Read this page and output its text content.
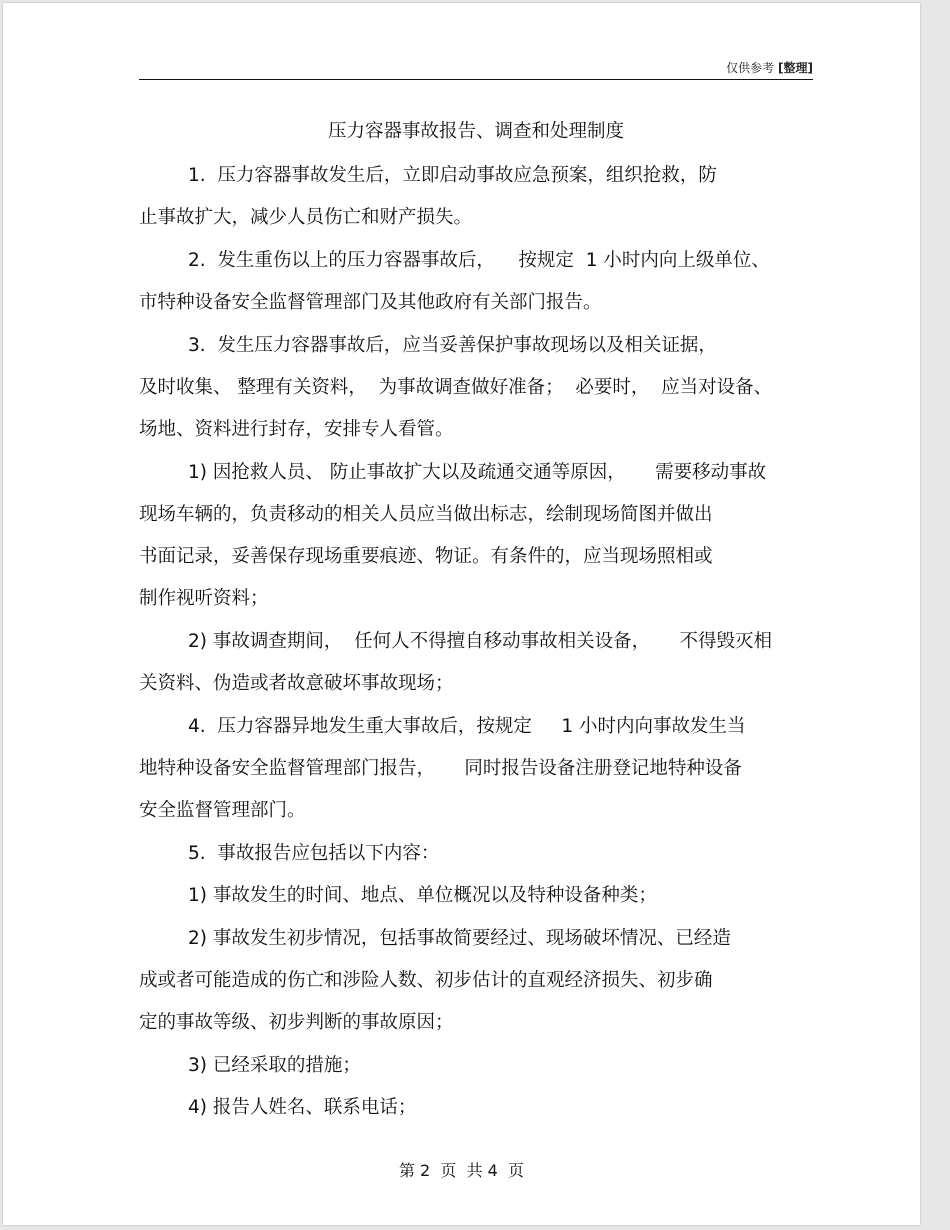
仅供参考 [整理]
压力容器事故报告、调查和处理制度
1.  压力容器事故发生后，立即启动事故应急预案，组织抢救，防
止事故扩大，减少人员伤亡和财产损失。
2.  发生重伤以上的压力容器事故后，    按规定  1 小时内向上级单位、
市特种设备安全监督管理部门及其他政府有关部门报告。
3.  发生压力容器事故后，应当妥善保护事故现场以及相关证据，
及时收集、 整理有关资料，  为事故调查做好准备；  必要时，  应当对设备、
场地、资料进行封存，安排专人看管。
1) 因抢救人员、 防止事故扩大以及疏通交通等原因，     需要移动事故
现场车辆的，负责移动的相关人员应当做出标志，绘制现场简图并做出
书面记录，妥善保存现场重要痕迹、物证。有条件的，应当现场照相或
制作视听资料；
2) 事故调查期间，  任何人不得擅自移动事故相关设备，     不得毁灭相
关资料、伪造或者故意破坏事故现场；
4.  压力容器异地发生重大事故后，按规定     1 小时内向事故发生当
地特种设备安全监督管理部门报告，     同时报告设备注册登记地特种设备
安全监督管理部门。
5.  事故报告应包括以下内容：
1) 事故发生的时间、地点、单位概况以及特种设备种类；
2) 事故发生初步情况，包括事故简要经过、现场破坏情况、已经造
成或者可能造成的伤亡和涉险人数、初步估计的直观经济损失、初步确
定的事故等级、初步判断的事故原因；
3) 已经采取的措施；
4) 报告人姓名、联系电话；
第 2  页  共 4  页
